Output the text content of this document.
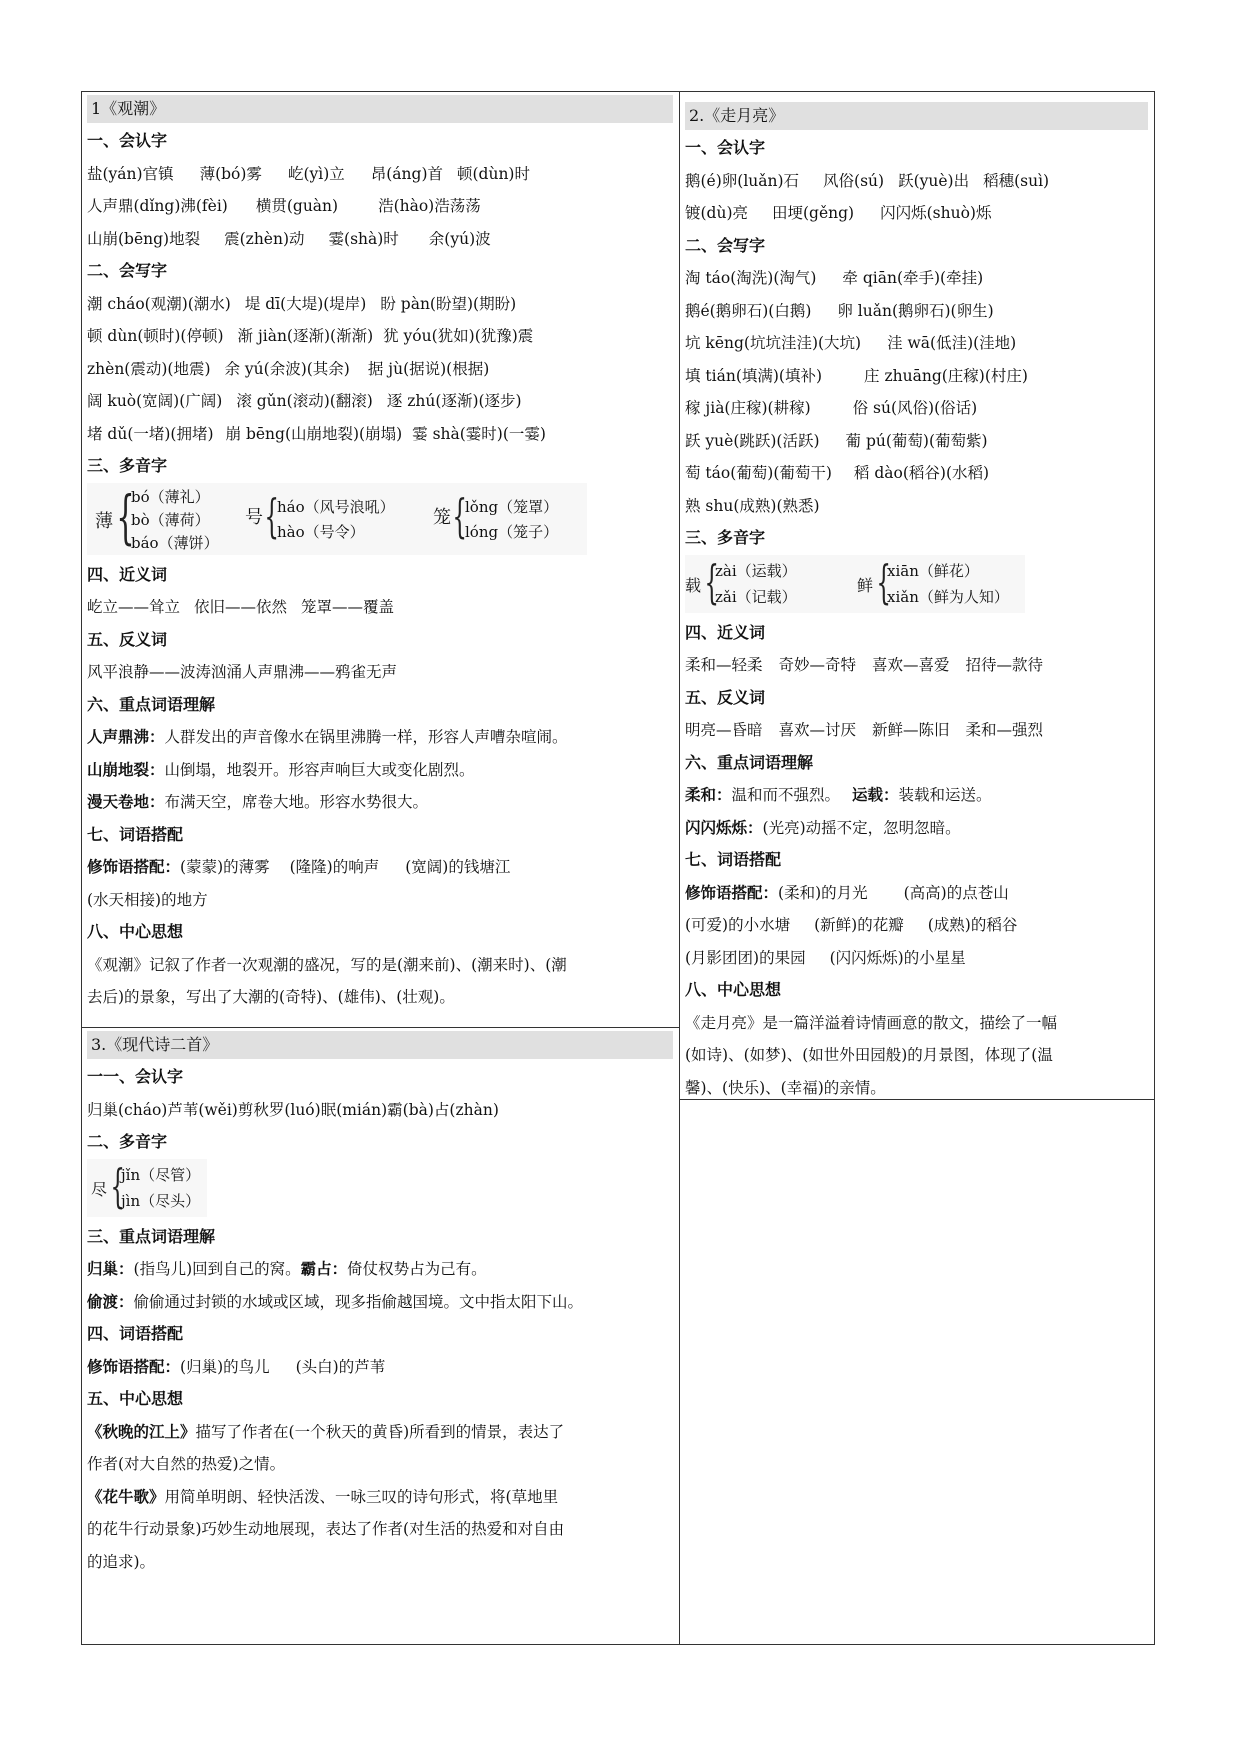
1《观潮》
一、会认字
盐(yán)官镇 薄(bó)雾 屹(yì)立 昂(áng)首 顿(dùn)时
人声鼎(dǐng)沸(fèi) 横贯(guàn)	浩(hào)浩荡荡
山崩(bēng)地裂 震(zhèn)动 霎(shà)时 余(yú)波
二、会写字
潮 cháo(观潮)(潮水) 堤 dī(大堤)(堤岸) 盼 pàn(盼望)(期盼)
顿 dùn(顿时)(停顿) 渐 jiàn(逐渐)(渐渐) 犹 yóu(犹如)(犹豫)震
zhèn(震动)(地震) 余 yú(余波)(其余) 据 jù(据说)(根据)
阔 kuò(宽阔)(广阔) 滚 gǔn(滚动)(翻滚) 逐 zhú(逐渐)(逐步)
堵 dǔ(一堵)(拥堵) 崩 bēng(山崩地裂)(崩塌) 霎 shà(霎时)(一霎)
三、多音字
薄 {
bó（薄礼）
bò（薄荷）
báo（薄饼）
号 {
háo（风号浪吼）
hào（号令）
笼 {
lǒng（笼罩）
lóng（笼子）
四、近义词
屹立——耸立 依旧——依然 笼罩——覆盖
五、反义词
风平浪静——波涛汹涌人声鼎沸——鸦雀无声
六、重点词语理解
人声鼎沸：人群发出的声音像水在锅里沸腾一样，形容人声嘈杂喧闹。
山崩地裂：山倒塌，地裂开。形容声响巨大或变化剧烈。
漫天卷地：布满天空，席卷大地。形容水势很大。
七、词语搭配
修饰语搭配：(蒙蒙)的薄雾 (隆隆)的响声 (宽阔)的钱塘江
(水天相接)的地方
八、中心思想
《观潮》记叙了作者一次观潮的盛况，写的是(潮来前)、(潮来时)、(潮
去后)的景象，写出了大潮的(奇特)、(雄伟)、(壮观)。
3.《现代诗二首》
一一、会认字
归巢(cháo)芦苇(wěi)剪秋罗(luó)眠(mián)霸(bà)占(zhàn)
二、多音字
尽 {
jǐn（尽管）
jìn（尽头）
三、重点词语理解
归巢：(指鸟儿)回到自己的窝。霸占：倚仗权势占为己有。
偷渡：偷偷通过封锁的水域或区域，现多指偷越国境。文中指太阳下山。
四、词语搭配
修饰语搭配：(归巢)的鸟儿 (头白)的芦苇
五、中心思想
《秋晚的江上》描写了作者在(一个秋天的黄昏)所看到的情景，表达了
作者(对大自然的热爱)之情。
《花牛歌》用简单明朗、轻快活泼、一咏三叹的诗句形式，将(草地里
的花牛行动景象)巧妙生动地展现，表达了作者(对生活的热爱和对自由
的追求)。
2.《走月亮》
一、会认字
鹅(é)卵(luǎn)石 风俗(sú) 跃(yuè)出 稻穗(suì)
镀(dù)亮 田埂(gěng) 闪闪烁(shuò)烁
二、会写字
淘 táo(淘洗)(淘气) 牵 qiān(牵手)(牵挂)
鹅é(鹅卵石)(白鹅) 卵 luǎn(鹅卵石)(卵生)
坑 kēng(坑坑洼洼)(大坑) 洼 wā(低洼)(洼地)
填 tián(填满)(填补)	庄 zhuāng(庄稼)(村庄)
稼 jià(庄稼)(耕稼)	俗 sú(风俗)(俗话)
跃 yuè(跳跃)(活跃) 葡 pú(葡萄)(葡萄紫)
萄 táo(葡萄)(葡萄干) 稻 dào(稻谷)(水稻)
熟 shu(成熟)(熟悉)
三、多音字
载 {
zài（运载）
zǎi（记载）
鲜 {
xiān（鲜花）
xiǎn（鲜为人知）
四、近义词
柔和—轻柔 奇妙—奇特 喜欢—喜爱 招待—款待
五、反义词
明亮—昏暗 喜欢—讨厌 新鲜—陈旧 柔和—强烈
六、重点词语理解
柔和：温和而不强烈。 运载：装载和运送。
闪闪烁烁：(光亮)动摇不定，忽明忽暗。
七、词语搭配
修饰语搭配：(柔和)的月光 (高高)的点苍山
(可爱)的小水塘 (新鲜)的花瓣 (成熟)的稻谷
(月影团团)的果园 (闪闪烁烁)的小星星
八、中心思想
《走月亮》是一篇洋溢着诗情画意的散文，描绘了一幅
(如诗)、(如梦)、(如世外田园般)的月景图，体现了(温
馨)、(快乐)、(幸福)的亲情。
